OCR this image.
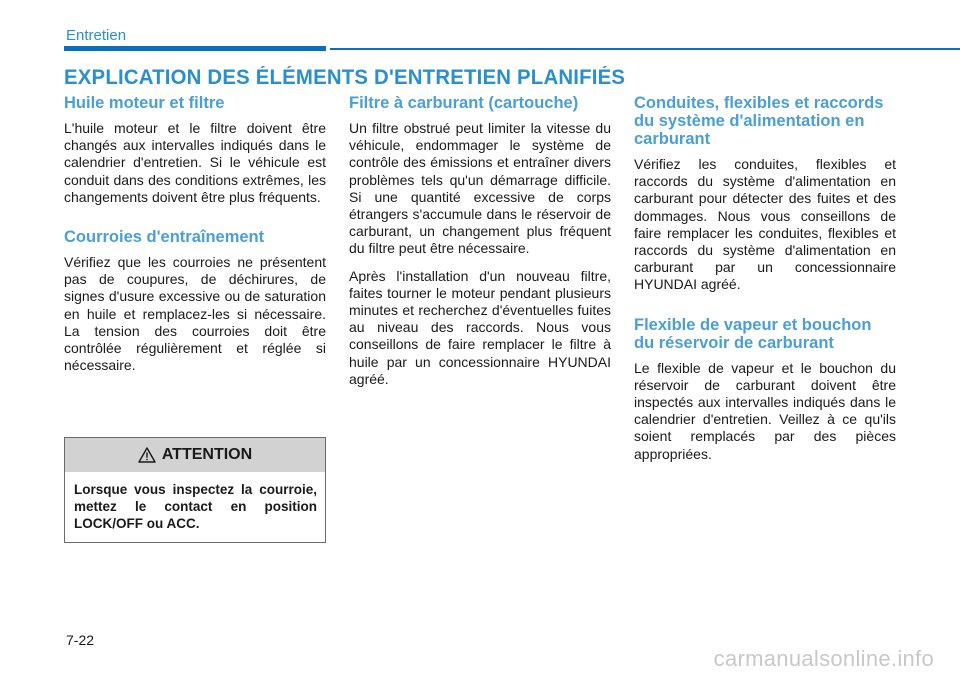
Entretien
EXPLICATION DES ÉLÉMENTS D'ENTRETIEN PLANIFIÉS
Huile moteur et filtre

L'huile moteur et le filtre doivent être changés aux intervalles indiqués dans le calendrier d'entretien. Si le véhicule est conduit dans des conditions extrêmes, les changements doivent être plus fréquents.

Courroies d'entraînement

Vérifiez que les courroies ne présentent pas de coupures, de déchirures, de signes d'usure excessive ou de saturation en huile et remplacez-les si nécessaire. La tension des courroies doit être contrôlée régulièrement et réglée si nécessaire.

ATTENTION
Lorsque vous inspectez la courroie, mettez le contact en position LOCK/OFF ou ACC.
Filtre à carburant (cartouche)

Un filtre obstrué peut limiter la vitesse du véhicule, endommager le système de contrôle des émissions et entraîner divers problèmes tels qu'un démarrage difficile. Si une quantité excessive de corps étrangers s'accumule dans le réservoir de carburant, un changement plus fréquent du filtre peut être nécessaire.

Après l'installation d'un nouveau filtre, faites tourner le moteur pendant plusieurs minutes et recherchez d'éventuelles fuites au niveau des raccords. Nous vous conseillons de faire remplacer le filtre à huile par un concessionnaire HYUNDAI agréé.

Conduites, flexibles et raccords du système d'alimentation en carburant

Vérifiez les conduites, flexibles et raccords du système d'alimentation en carburant pour détecter des fuites et des dommages. Nous vous conseillons de faire remplacer les conduites, flexibles et raccords du système d'alimentation en carburant par un concessionnaire HYUNDAI agréé.

Flexible de vapeur et bouchon du réservoir de carburant

Le flexible de vapeur et le bouchon du réservoir de carburant doivent être inspectés aux intervalles indiqués dans le calendrier d'entretien. Veillez à ce qu'ils soient remplacés par des pièces appropriées.

7-22
carmanualsonline.info
